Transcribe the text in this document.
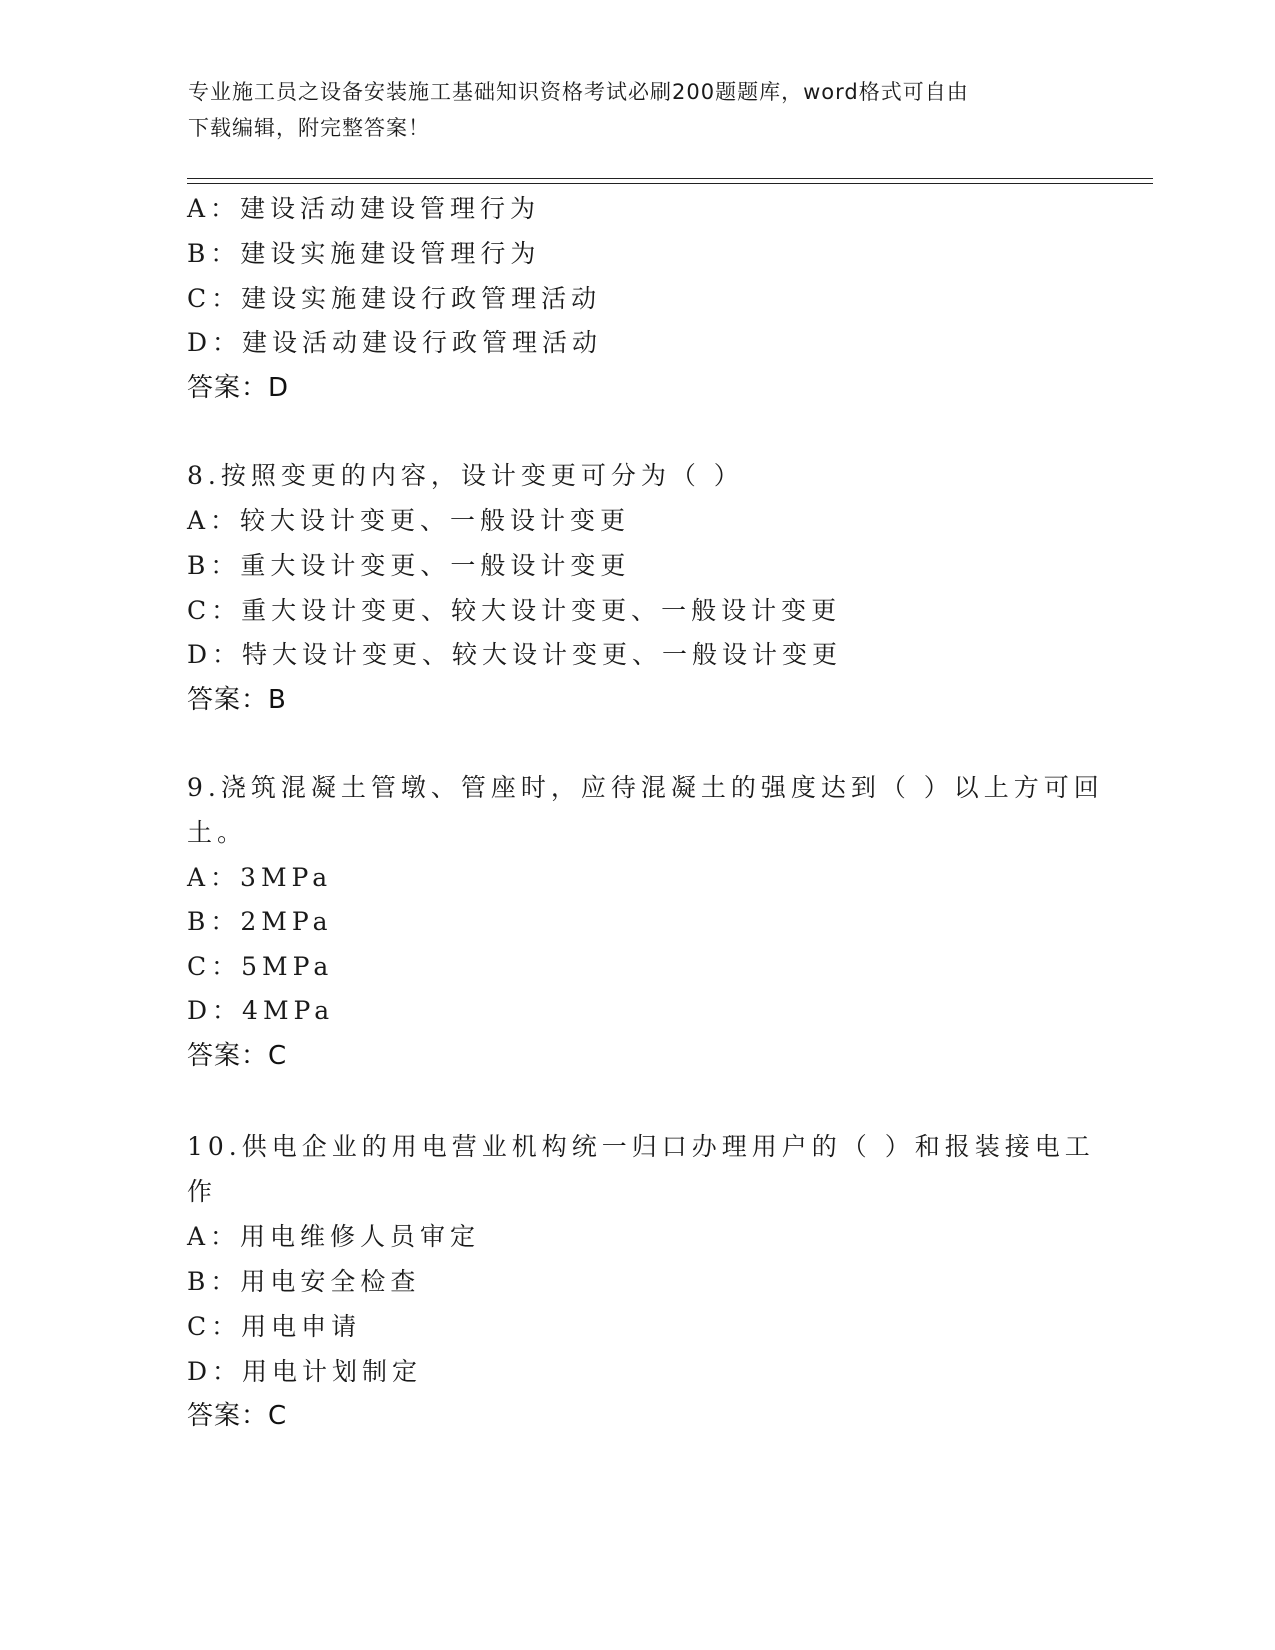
专业施工员之设备安装施工基础知识资格考试必刷200题题库，word格式可自由
下载编辑，附完整答案！
A：建设活动建设管理行为
B：建设实施建设管理行为
C：建设实施建设行政管理活动
D：建设活动建设行政管理活动
答案：D
8.按照变更的内容，设计变更可分为（ ）
A：较大设计变更、一般设计变更
B：重大设计变更、一般设计变更
C：重大设计变更、较大设计变更、一般设计变更
D：特大设计变更、较大设计变更、一般设计变更
答案：B
9.浇筑混凝土管墩、管座时，应待混凝土的强度达到（ ）以上方可回
土。
A：3MPa
B：2MPa
C：5MPa
D：4MPa
答案：C
10.供电企业的用电营业机构统一归口办理用户的（ ）和报装接电工
作
A：用电维修人员审定
B：用电安全检查
C：用电申请
D：用电计划制定
答案：C
